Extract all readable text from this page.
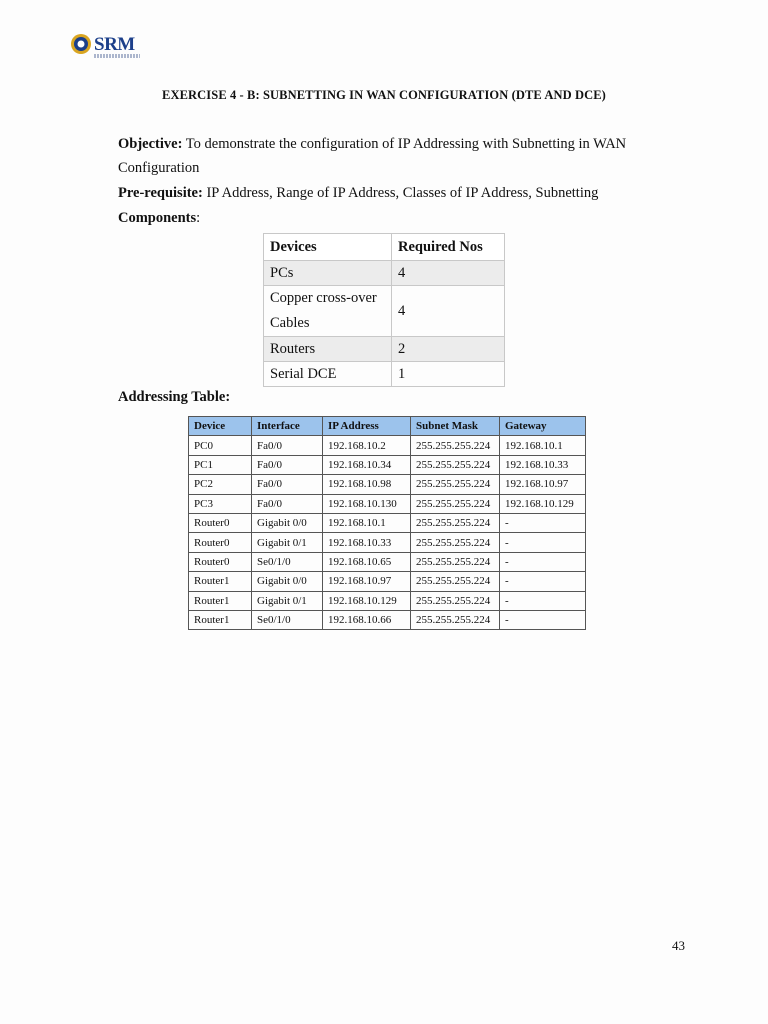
SRM
EXERCISE 4 - B: SUBNETTING IN WAN CONFIGURATION (DTE AND DCE)
Objective: To demonstrate the configuration of IP Addressing with Subnetting in WAN
Configuration
Pre-requisite: IP Address, Range of IP Address, Classes of IP Address, Subnetting
Components:
Devices	Required Nos
PCs	4
Copper cross-over
Cables	4
Routers	2
Serial DCE	1
Addressing Table:
Device	Interface	IP Address	Subnet Mask	Gateway
PC0	Fa0/0	192.168.10.2	255.255.255.224	192.168.10.1
PC1	Fa0/0	192.168.10.34	255.255.255.224	192.168.10.33
PC2	Fa0/0	192.168.10.98	255.255.255.224	192.168.10.97
PC3	Fa0/0	192.168.10.130	255.255.255.224	192.168.10.129
Router0	Gigabit 0/0	192.168.10.1	255.255.255.224	-
Router0	Gigabit 0/1	192.168.10.33	255.255.255.224	-
Router0	Se0/1/0	192.168.10.65	255.255.255.224	-
Router1	Gigabit 0/0	192.168.10.97	255.255.255.224	-
Router1	Gigabit 0/1	192.168.10.129	255.255.255.224	-
Router1	Se0/1/0	192.168.10.66	255.255.255.224	-
43
